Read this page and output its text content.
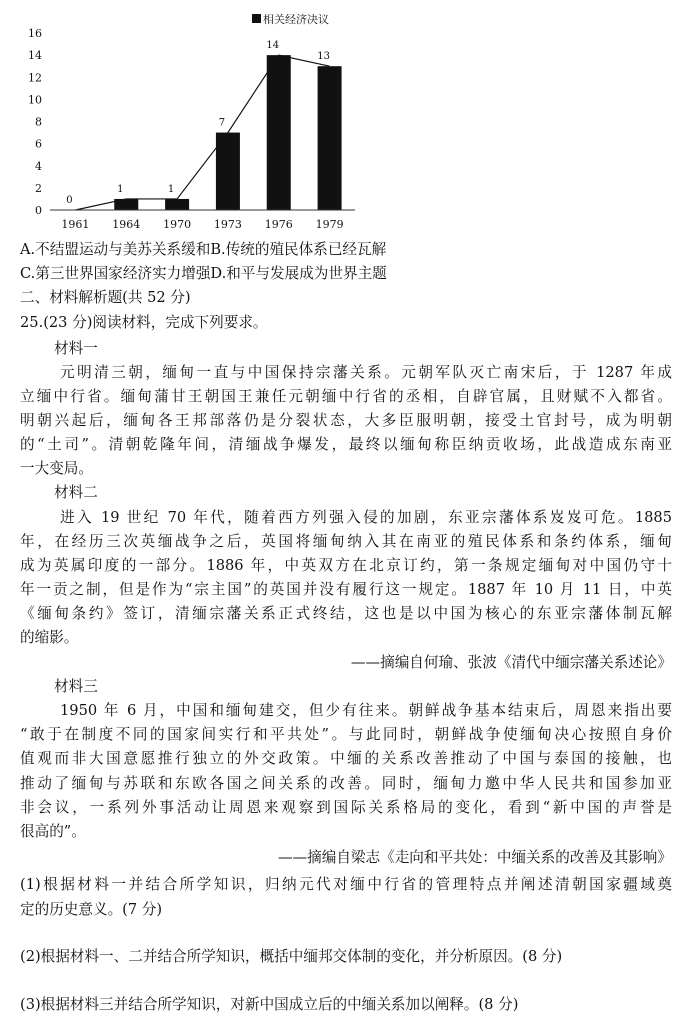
0
2
4
6
8
10
12
14
16
0
1	1
7
14
13
1961 1964 1970 1973 1976 1979
相关经济决议
A.不结盟运动与美苏关系缓和B.传统的殖民体系已经瓦解
C.第三世界国家经济实力增强D.和平与发展成为世界主题
二、材料解析题(共 52 分)
25.(23 分)阅读材料，完成下列要求。
材料一
元明清三朝，缅甸一直与中国保持宗藩关系。元朝军队灭亡南宋后，于 1287 年成
立缅中行省。缅甸蒲甘王朝国王兼任元朝缅中行省的丞相，自辟官属，且财赋不入都省。
明朝兴起后，缅甸各王邦部落仍是分裂状态，大多臣服明朝，接受土官封号，成为明朝
的“土司”。清朝乾隆年间，清缅战争爆发，最终以缅甸称臣纳贡收场，此战造成东南亚
一大变局。
材料二
进入 19 世纪 70 年代，随着西方列强入侵的加剧，东亚宗藩体系岌岌可危。1885
年，在经历三次英缅战争之后，英国将缅甸纳入其在南亚的殖民体系和条约体系，缅甸
成为英属印度的一部分。1886 年，中英双方在北京订约，第一条规定缅甸对中国仍守十
年一贡之制，但是作为“宗主国”的英国并没有履行这一规定。1887 年 10 月 11 日，中英
《缅甸条约》签订，清缅宗藩关系正式终结，这也是以中国为核心的东亚宗藩体制瓦解
的缩影。
——摘编自何瑜、张波《清代中缅宗藩关系述论》
材料三
1950 年 6 月，中国和缅甸建交，但少有往来。朝鲜战争基本结束后，周恩来指出要
“敢于在制度不同的国家间实行和平共处”。与此同时，朝鲜战争使缅甸决心按照自身价
值观而非大国意愿推行独立的外交政策。中缅的关系改善推动了中国与泰国的接触，也
推动了缅甸与苏联和东欧各国之间关系的改善。同时，缅甸力邀中华人民共和国参加亚
非会议，一系列外事活动让周恩来观察到国际关系格局的变化，看到“新中国的声誉是
很高的”。
——摘编自梁志《走向和平共处：中缅关系的改善及其影响》
(1)根据材料一并结合所学知识，归纳元代对缅中行省的管理特点并阐述清朝国家疆域奠
定的历史意义。(7 分)
(2)根据材料一、二并结合所学知识，概括中缅邦交体制的变化，并分析原因。(8 分)
(3)根据材料三并结合所学知识，对新中国成立后的中缅关系加以阐释。(8 分)
